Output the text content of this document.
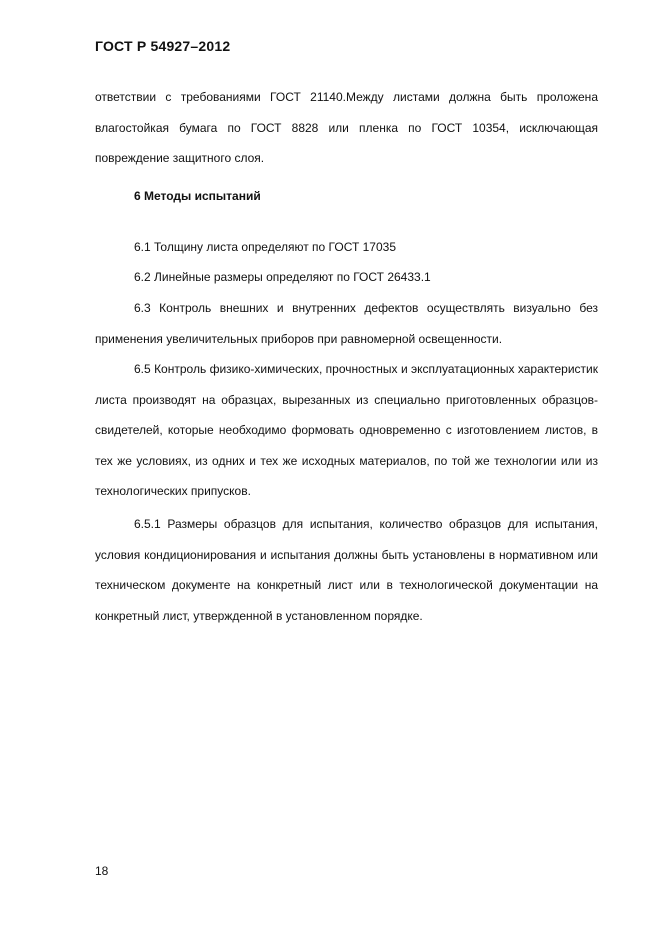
ГОСТ Р 54927–2012

ответствии с требованиями ГОСТ 21140.Между листами должна быть проложена влагостойкая бумага по ГОСТ 8828 или пленка по ГОСТ 10354, исключающая повреждение защитного слоя.

6 Методы испытаний

6.1 Толщину листа определяют по ГОСТ 17035

6.2 Линейные размеры определяют по ГОСТ 26433.1

6.3 Контроль внешних и внутренних дефектов осуществлять визуально без применения увеличительных приборов при равномерной освещенности.

6.5 Контроль физико-химических, прочностных и эксплуатационных характеристик листа производят на образцах, вырезанных из специально приготовленных образцов-свидетелей, которые необходимо формовать одновременно с изготовлением листов, в тех же условиях, из одних и тех же исходных материалов, по той же технологии или из технологических припусков.

6.5.1 Размеры образцов для испытания, количество образцов для испытания, условия кондиционирования и испытания должны быть установлены в нормативном или техническом документе на конкретный лист или в технологической документации на конкретный лист, утвержденной в установленном порядке.

18
